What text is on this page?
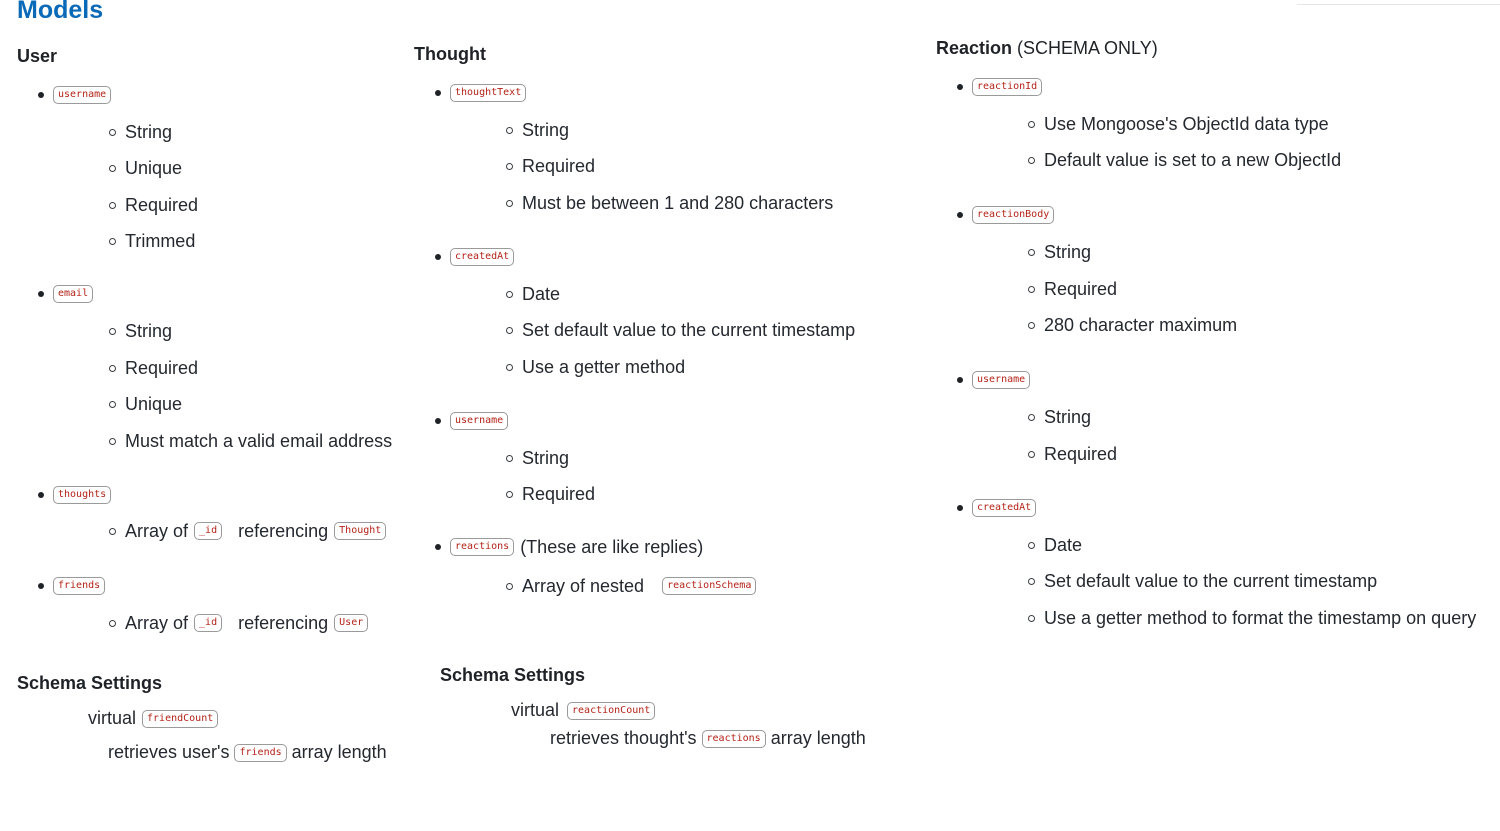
Models
User
username
String
Unique
Required
Trimmed
email
String
Required
Unique
Must match a valid email address
thoughts
Array of	_id referencing	Thought
friends
Array of	_id referencing	User
Schema Settings
virtual	friendCount
retrieves user's	friends array length
Thought
thoughtText
String
Required
Must be between 1 and 280 characters
createdAt
Date
Set default value to the current timestamp
Use a getter method
username
String
Required
reactions (These are like replies)
Array of nested	reactionSchema
Schema Settings
virtual	reactionCount
retrieves thought's	reactions array length
Reaction (SCHEMA ONLY)
reactionId
Use Mongoose's ObjectId data type
Default value is set to a new ObjectId
reactionBody
String
Required
280 character maximum
username
String
Required
createdAt
Date
Set default value to the current timestamp
Use a getter method to format the timestamp on query
